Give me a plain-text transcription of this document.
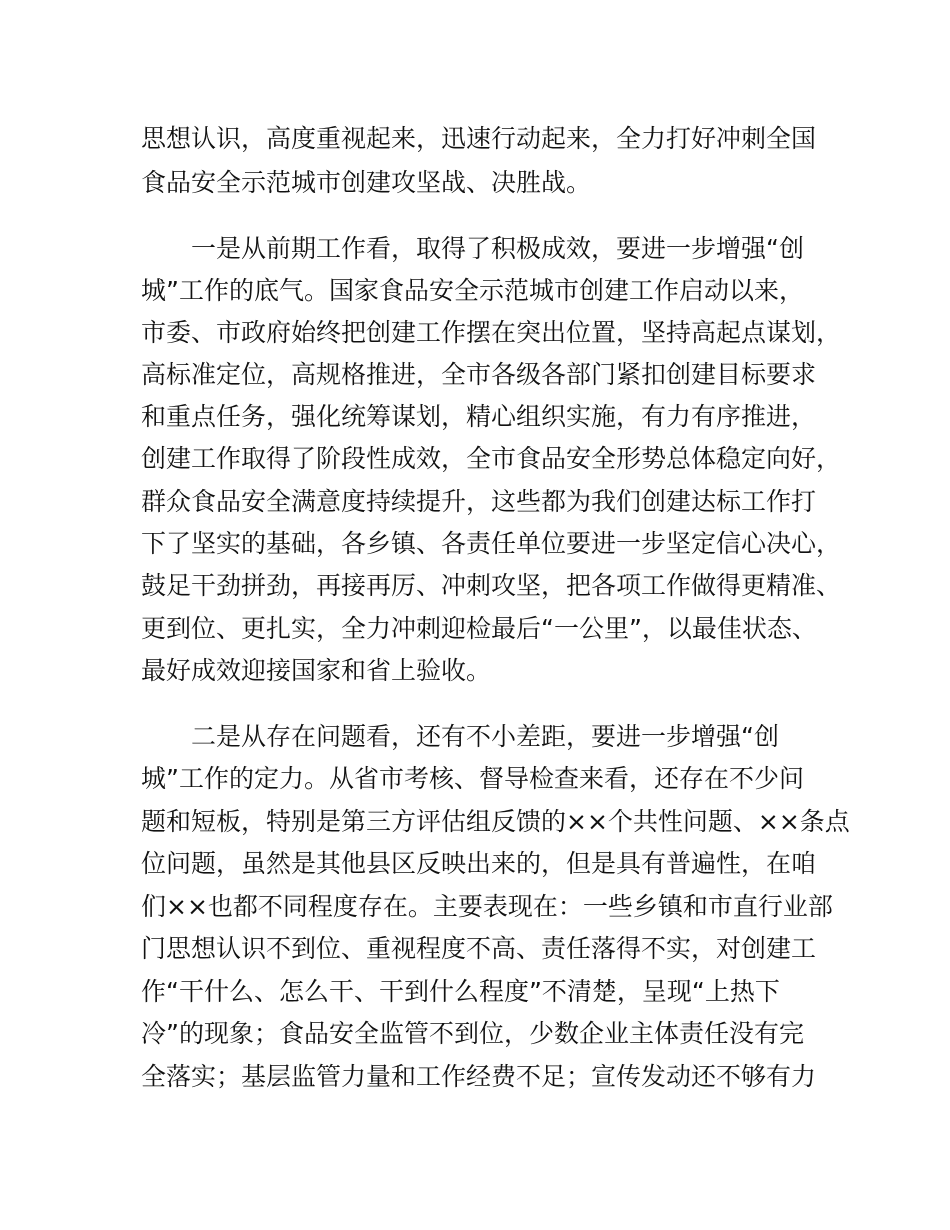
思想认识，高度重视起来，迅速行动起来，全力打好冲刺全国

食品安全示范城市创建攻坚战、决胜战。

　　一是从前期工作看，取得了积极成效，要进一步增强“创

城”工作的底气。国家食品安全示范城市创建工作启动以来，

市委、市政府始终把创建工作摆在突出位置，坚持高起点谋划，

高标准定位，高规格推进，全市各级各部门紧扣创建目标要求

和重点任务，强化统筹谋划，精心组织实施，有力有序推进，

创建工作取得了阶段性成效，全市食品安全形势总体稳定向好，

群众食品安全满意度持续提升，这些都为我们创建达标工作打

下了坚实的基础，各乡镇、各责任单位要进一步坚定信心决心，

鼓足干劲拼劲，再接再厉、冲刺攻坚，把各项工作做得更精准、

更到位、更扎实，全力冲刺迎检最后“一公里”，以最佳状态、

最好成效迎接国家和省上验收。

　　二是从存在问题看，还有不小差距，要进一步增强“创

城”工作的定力。从省市考核、督导检查来看，还存在不少问

题和短板，特别是第三方评估组反馈的××个共性问题、××条点

位问题，虽然是其他县区反映出来的，但是具有普遍性，在咱

们××也都不同程度存在。主要表现在：一些乡镇和市直行业部

门思想认识不到位、重视程度不高、责任落得不实，对创建工

作“干什么、怎么干、干到什么程度”不清楚，呈现“上热下

冷”的现象；食品安全监管不到位，少数企业主体责任没有完

全落实；基层监管力量和工作经费不足；宣传发动还不够有力
